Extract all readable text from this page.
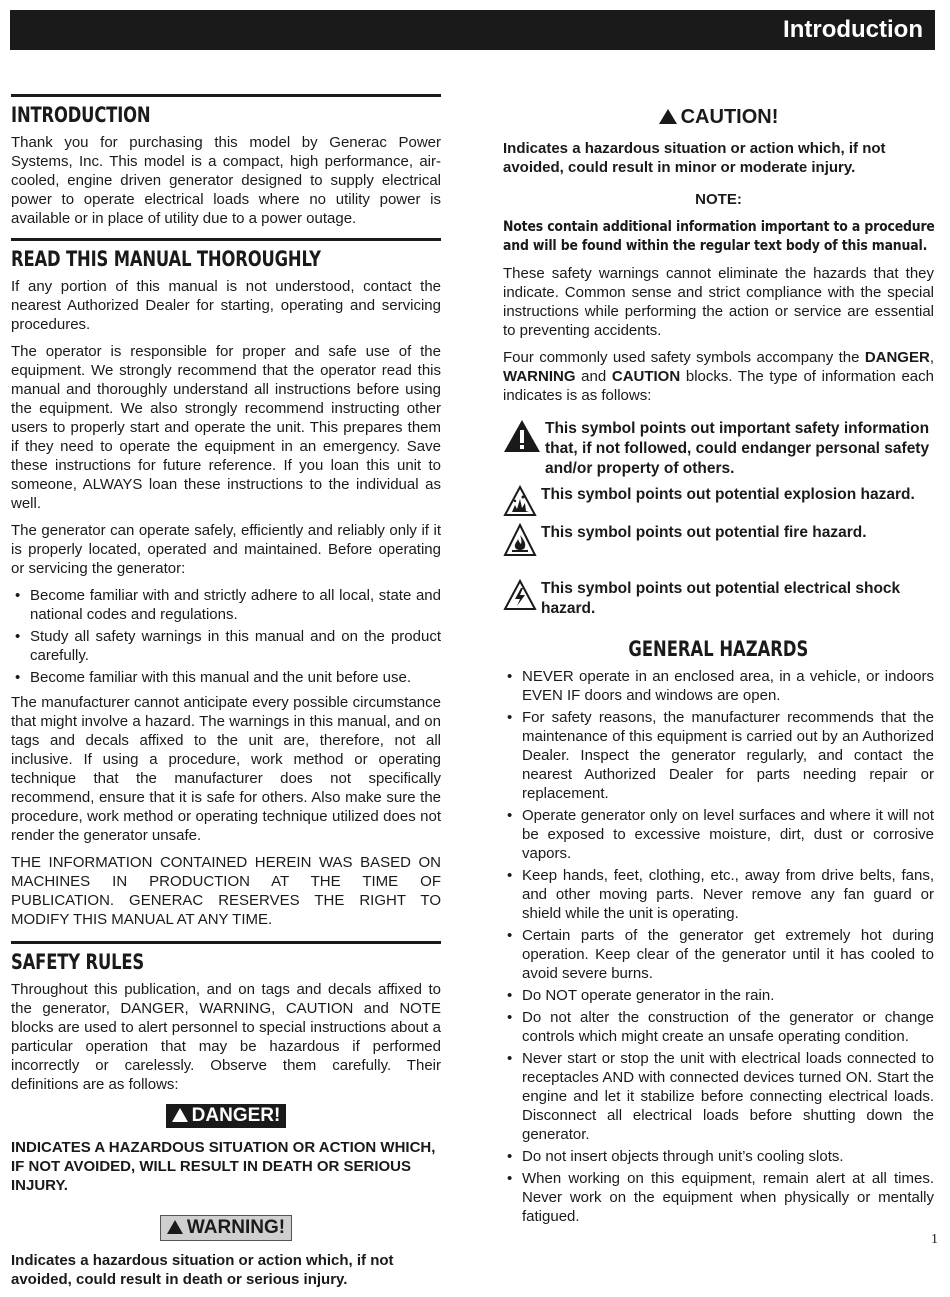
Introduction
INTRODUCTION

Thank you for purchasing this model by Generac Power Systems, Inc. This model is a compact, high performance, air-cooled, engine driven generator designed to supply electrical power to operate electrical loads where no utility power is available or in place of utility due to a power outage.

READ THIS MANUAL THOROUGHLY

If any portion of this manual is not understood, contact the nearest Authorized Dealer for starting, operating and servicing procedures.

The operator is responsible for proper and safe use of the equipment. We strongly recommend that the operator read this manual and thoroughly understand all instructions before using the equipment. We also strongly recommend instructing other users to properly start and operate the unit. This prepares them if they need to operate the equipment in an emergency. Save these instructions for future reference. If you loan this unit to someone, ALWAYS loan these instructions to the individual as well.

The generator can operate safely, efficiently and reliably only if it is properly located, operated and maintained. Before operating or servicing the generator:

• Become familiar with and strictly adhere to all local, state and national codes and regulations.
• Study all safety warnings in this manual and on the product carefully.
• Become familiar with this manual and the unit before use.

The manufacturer cannot anticipate every possible circumstance that might involve a hazard. The warnings in this manual, and on tags and decals affixed to the unit are, therefore, not all inclusive. If using a procedure, work method or operating technique that the manufacturer does not specifically recommend, ensure that it is safe for others. Also make sure the procedure, work method or operating technique utilized does not render the generator unsafe.

THE INFORMATION CONTAINED HEREIN WAS BASED ON MACHINES IN PRODUCTION AT THE TIME OF PUBLICATION. GENERAC RESERVES THE RIGHT TO MODIFY THIS MANUAL AT ANY TIME.

SAFETY RULES

Throughout this publication, and on tags and decals affixed to the generator, DANGER, WARNING, CAUTION and NOTE blocks are used to alert personnel to special instructions about a particular operation that may be hazardous if performed incorrectly or carelessly. Observe them carefully. Their definitions are as follows:

DANGER!

INDICATES A HAZARDOUS SITUATION OR ACTION WHICH, IF NOT AVOIDED, WILL RESULT IN DEATH OR SERIOUS INJURY.

WARNING!

Indicates a hazardous situation or action which, if not avoided, could result in death or serious injury.

CAUTION!

Indicates a hazardous situation or action which, if not avoided, could result in minor or moderate injury.

NOTE:

Notes contain additional information important to a procedure and will be found within the regular text body of this manual.

These safety warnings cannot eliminate the hazards that they indicate. Common sense and strict compliance with the special instructions while performing the action or service are essential to preventing accidents.

Four commonly used safety symbols accompany the DANGER, WARNING and CAUTION blocks. The type of information each indicates is as follows:

This symbol points out important safety information that, if not followed, could endanger personal safety and/or property of others.
This symbol points out potential explosion hazard.
This symbol points out potential fire hazard.
This symbol points out potential electrical shock hazard.
GENERAL HAZARDS
• NEVER operate in an enclosed area, in a vehicle, or indoors EVEN IF doors and windows are open.
• For safety reasons, the manufacturer recommends that the maintenance of this equipment is carried out by an Authorized Dealer. Inspect the generator regularly, and contact the nearest Authorized Dealer for parts needing repair or replacement.
• Operate generator only on level surfaces and where it will not be exposed to excessive moisture, dirt, dust or corrosive vapors.
• Keep hands, feet, clothing, etc., away from drive belts, fans, and other moving parts. Never remove any fan guard or shield while the unit is operating.
• Certain parts of the generator get extremely hot during operation. Keep clear of the generator until it has cooled to avoid severe burns.
• Do NOT operate generator in the rain.
• Do not alter the construction of the generator or change controls which might create an unsafe operating condition.
• Never start or stop the unit with electrical loads connected to receptacles AND with connected devices turned ON. Start the engine and let it stabilize before connecting electrical loads. Disconnect all electrical loads before shutting down the generator.
• Do not insert objects through unit’s cooling slots.
• When working on this equipment, remain alert at all times. Never work on the equipment when physically or mentally fatigued.
1
